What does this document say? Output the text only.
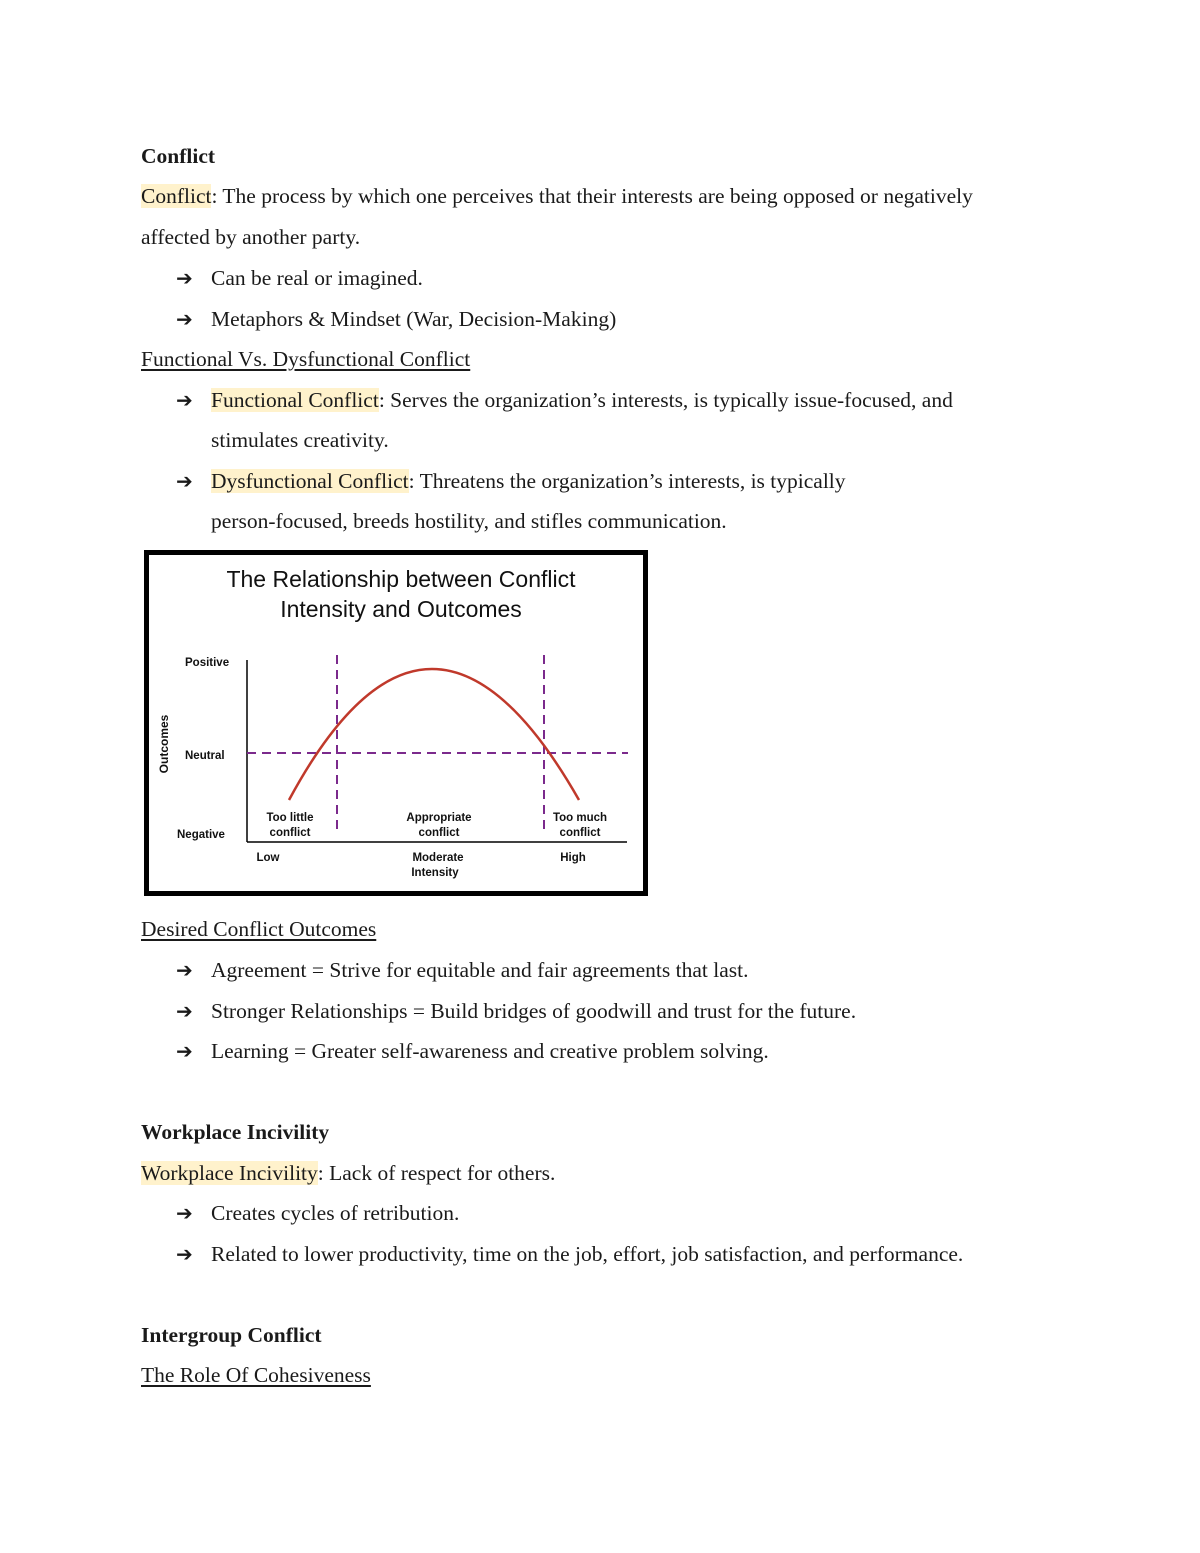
Conflict
Conflict: The process by which one perceives that their interests are being opposed or negatively
affected by another party.
➔ Can be real or imagined.
➔ Metaphors & Mindset (War, Decision-Making)
Functional Vs. Dysfunctional Conflict
➔ Functional Conflict: Serves the organization’s interests, is typically issue-focused, and
stimulates creativity.
➔ Dysfunctional Conflict: Threatens the organization’s interests, is typically
person-focused, breeds hostility, and stifles communication.
The Relationship between Conflict
Intensity and Outcomes
Outcomes
Positive
Neutral
Negative
Too little
conflict
Appropriate
conflict
Too much
conflict
Low	Moderate	High
Intensity
Desired Conflict Outcomes
➔ Agreement = Strive for equitable and fair agreements that last.
➔ Stronger Relationships = Build bridges of goodwill and trust for the future.
➔ Learning = Greater self-awareness and creative problem solving.
Workplace Incivility
Workplace Incivility: Lack of respect for others.
➔ Creates cycles of retribution.
➔ Related to lower productivity, time on the job, effort, job satisfaction, and performance.
Intergroup Conflict
The Role Of Cohesiveness
